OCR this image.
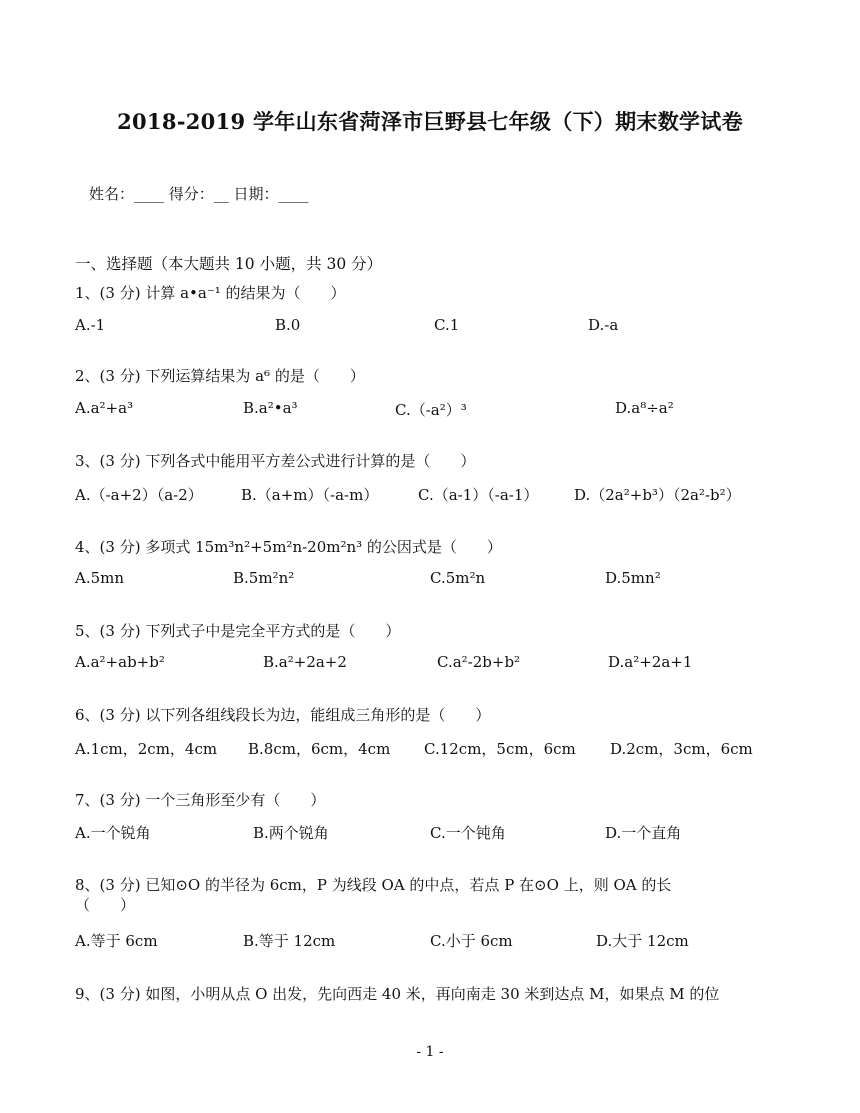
2018-2019 学年山东省菏泽市巨野县七年级（下）期末数学试卷
姓名：____ 得分：__ 日期：____
一、选择题（本大题共 10 小题，共 30 分）
1、(3 分) 计算 a•a⁻¹ 的结果为（　　）
A.-1	B.0	C.1	D.-a
2、(3 分) 下列运算结果为 a⁶ 的是（　　）
A.a²+a³	B.a²•a³	C.（-a²）³	D.a⁸÷a²
3、(3 分) 下列各式中能用平方差公式进行计算的是（　　）
A.（-a+2）（a-2）	B.（a+m）（-a-m）	C.（a-1）（-a-1） D.（2a²+b³）（2a²-b²）
4、(3 分) 多项式 15m³n²+5m²n-20m²n³ 的公因式是（　　）
A.5mn	B.5m²n²	C.5m²n	D.5mn²
5、(3 分) 下列式子中是完全平方式的是（　　）
A.a²+ab+b²	B.a²+2a+2	C.a²-2b+b²	D.a²+2a+1
6、(3 分) 以下列各组线段长为边，能组成三角形的是（　　）
A.1cm，2cm，4cm B.8cm，6cm，4cm C.12cm，5cm，6cm D.2cm，3cm，6cm
7、(3 分) 一个三角形至少有（　　）
A.一个锐角	B.两个锐角	C.一个钝角	D.一个直角
8、(3 分) 已知⊙O 的半径为 6cm，P 为线段 OA 的中点，若点 P 在⊙O 上，则 OA 的长
（　　）
A.等于 6cm	B.等于 12cm	C.小于 6cm	D.大于 12cm
9、(3 分) 如图，小明从点 O 出发，先向西走 40 米，再向南走 30 米到达点 M，如果点 M 的位
- 1 -
